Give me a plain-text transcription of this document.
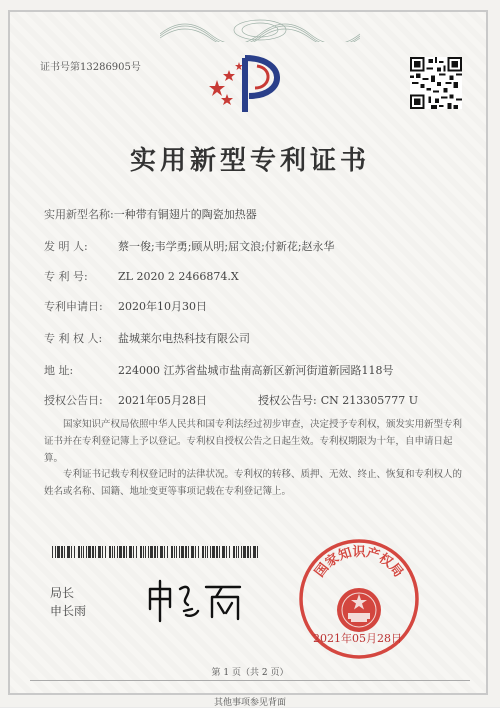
证书号第13286905号
实用新型专利证书
实用新型名称:一种带有铜翅片的陶瓷加热器
发 明 人:	蔡一俊;韦学勇;顾从明;屈文浪;付新花;赵永华
专 利 号:	ZL 2020 2 2466874.X
专利申请日: 2020年10月30日
专 利 权 人: 盐城莱尔电热科技有限公司
地 址:	224000 江苏省盐城市盐南高新区新河街道新园路118号
授权公告日: 2021年05月28日	授权公告号: CN 213305777 U
国家知识产权局依照中华人民共和国专利法经过初步审查，决定授予专利权，颁发实用新型专利证书并在专利登记簿上予以登记。专利权自授权公告之日起生效。专利权期限为十年，自申请日起算。
专利证书记载专利权登记时的法律状况。专利权的转移、质押、无效、终止、恢复和专利权人的姓名或名称、国籍、地址变更等事项记载在专利登记簿上。
局长
申长雨
国家知识产权局
2021年05月28日
第 1 页（共 2 页）
其他事项参见背面
